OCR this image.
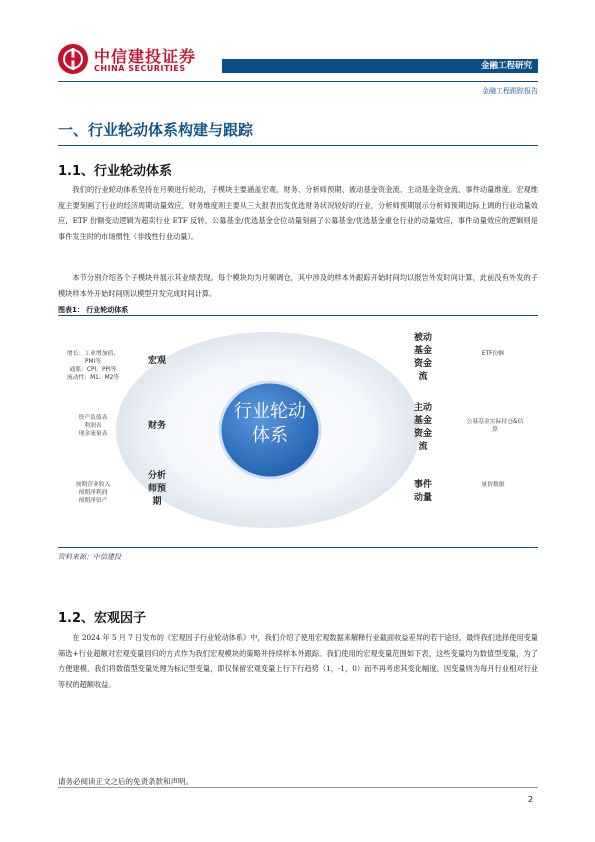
中信建投证券
CHINA SECURITIES	金融工程研究
金融工程跟踪报告
一、行业轮动体系构建与跟踪
1.1、行业轮动体系
我们的行业轮动体系坚持在月频进行轮动，子模块主要涵盖宏观、财务、分析师预期、被动基金资金流、主动基金资金流、事件动量维度。宏观维度主要刻画了行业的经济周期动量效应，财务维度则主要从三大报表出发优选财务状况较好的行业，分析师预期展示分析师预期边际上调的行业动量效应，ETF 份额变动逻辑为超卖行业 ETF 反转，公募基金/优选基金仓位动量刻画了公募基金/优选基金重仓行业的动量效应，事件动量效应的逻辑则是事件发生时的市场惯性（非线性行业动量）。
本节分别介绍各个子模块并展示其业绩表现。每个模块均为月频调仓，其中涉及的样本外跟踪开始时间均以报告外发时间计算，此前没有外发的子模块样本外开始时间则以模型开发完成时间计算。
图表1： 行业轮动体系
行业轮动
体系
增长：工业增加值、
PMI等
通胀：CPI、PPI等
流动性：M1、M2等
宏观
资产负债表
利润表
现金流量表
财务
预期营业收入
预期净利润
预期净资产
分析
师预
期
被动
基金
资金
流
ETF份额
主动
基金
资金
流
公募基金实际持仓&估
算
事件
动量
量价数据
资料来源：中信建投
1.2、宏观因子
在 2024 年 5 月 7 日发布的《宏观因子行业轮动体系》中，我们介绍了使用宏观数据来解释行业截面收益差异的若干途径，最终我们选择使用变量筛选+行业超额对宏观变量回归的方式作为我们宏观模块的策略并持续样本外跟踪。我们使用的宏观变量范围如下表，这些变量均为数值型变量，为了方便建模，我们将数值型变量处理为标记型变量，即仅保留宏观变量上行下行趋势（1，-1，0）而不再考虑其变化幅度，因变量则为每月行业相对行业等权的超额收益。
请务必阅读正文之后的免责条款和声明。
2
